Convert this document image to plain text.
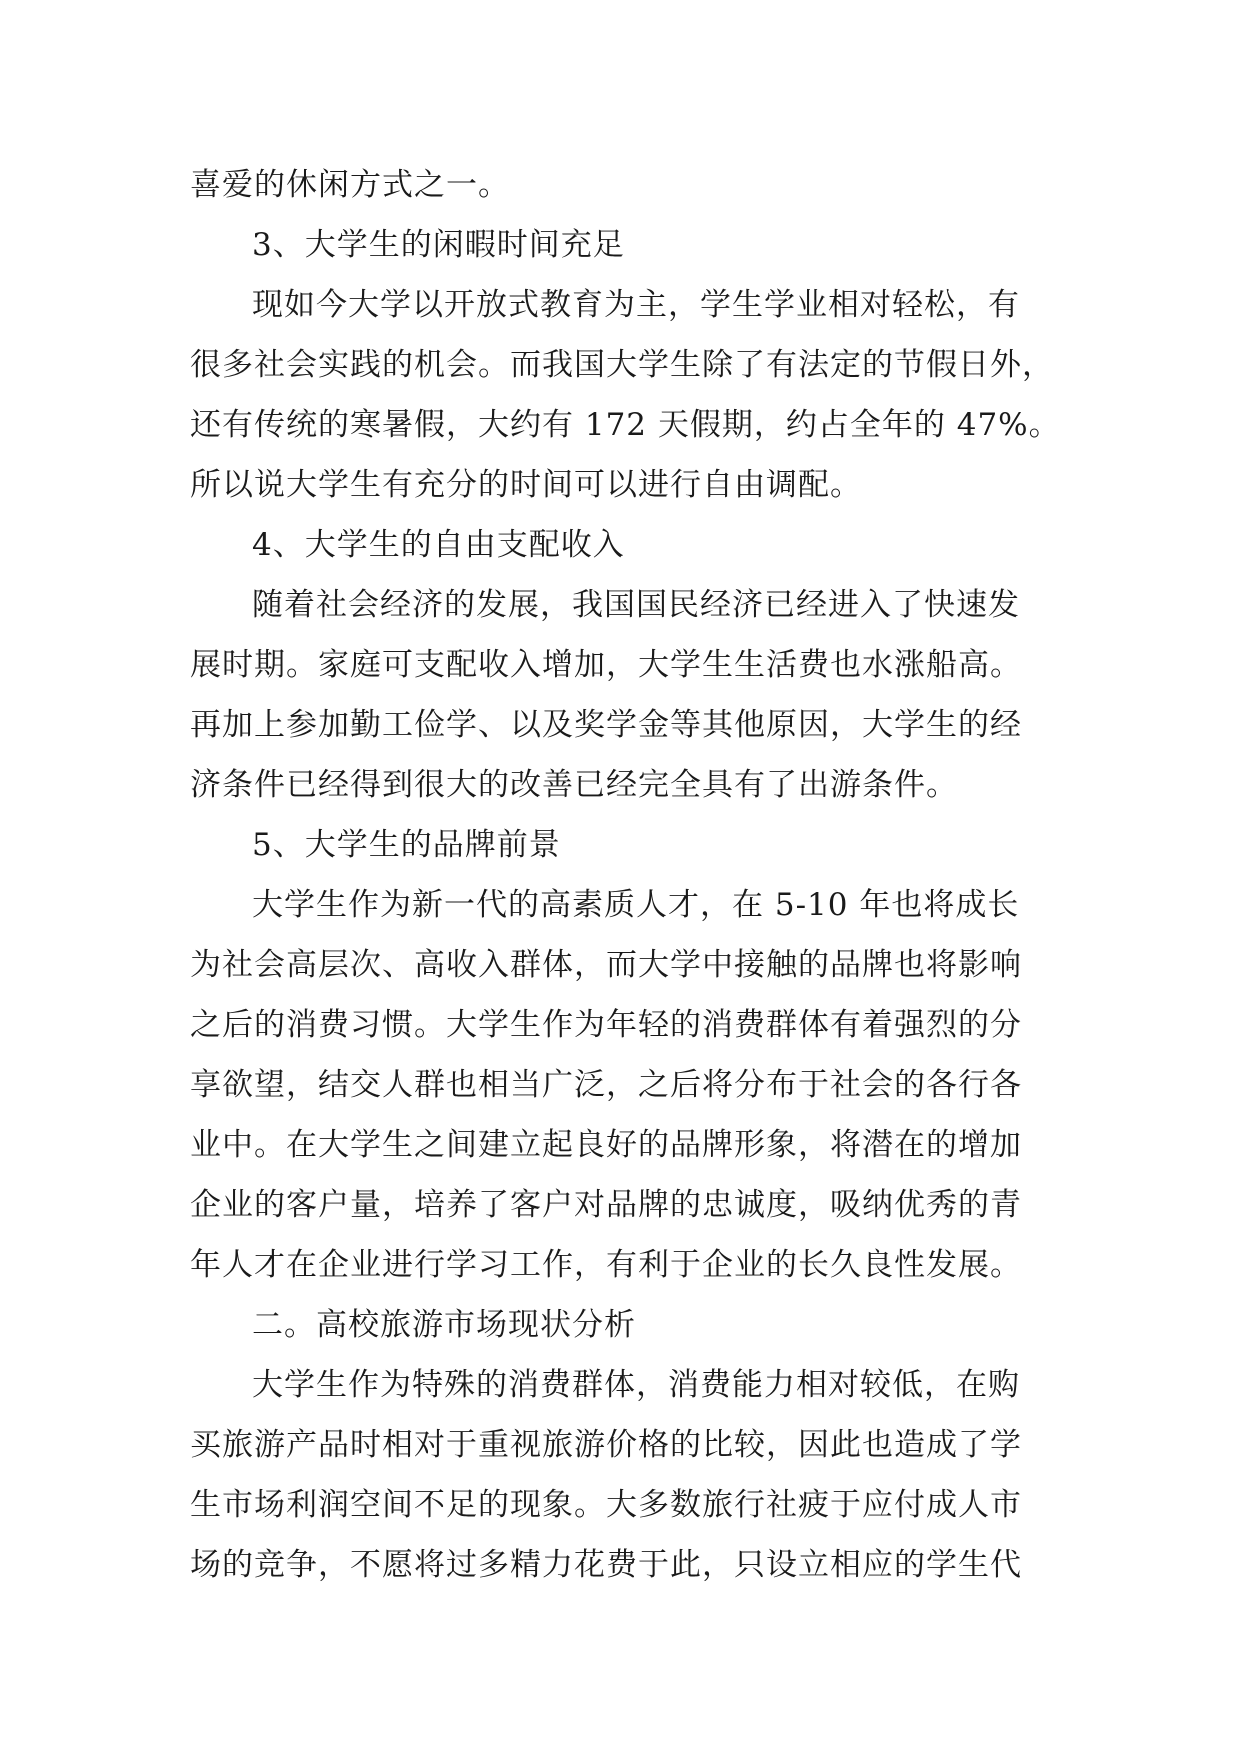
喜爱的休闲方式之一。

3、大学生的闲暇时间充足

现如今大学以开放式教育为主，学生学业相对轻松，有
很多社会实践的机会。而我国大学生除了有法定的节假日外，
还有传统的寒暑假，大约有 172 天假期，约占全年的 47%。
所以说大学生有充分的时间可以进行自由调配。

4、大学生的自由支配收入

随着社会经济的发展，我国国民经济已经进入了快速发
展时期。家庭可支配收入增加，大学生生活费也水涨船高。
再加上参加勤工俭学、以及奖学金等其他原因，大学生的经
济条件已经得到很大的改善已经完全具有了出游条件。

5、大学生的品牌前景

大学生作为新一代的高素质人才，在 5-10 年也将成长
为社会高层次、高收入群体，而大学中接触的品牌也将影响
之后的消费习惯。大学生作为年轻的消费群体有着强烈的分
享欲望，结交人群也相当广泛，之后将分布于社会的各行各
业中。在大学生之间建立起良好的品牌形象，将潜在的增加
企业的客户量，培养了客户对品牌的忠诚度，吸纳优秀的青
年人才在企业进行学习工作，有利于企业的长久良性发展。

二。高校旅游市场现状分析

大学生作为特殊的消费群体，消费能力相对较低，在购
买旅游产品时相对于重视旅游价格的比较，因此也造成了学
生市场利润空间不足的现象。大多数旅行社疲于应付成人市
场的竞争，不愿将过多精力花费于此，只设立相应的学生代
